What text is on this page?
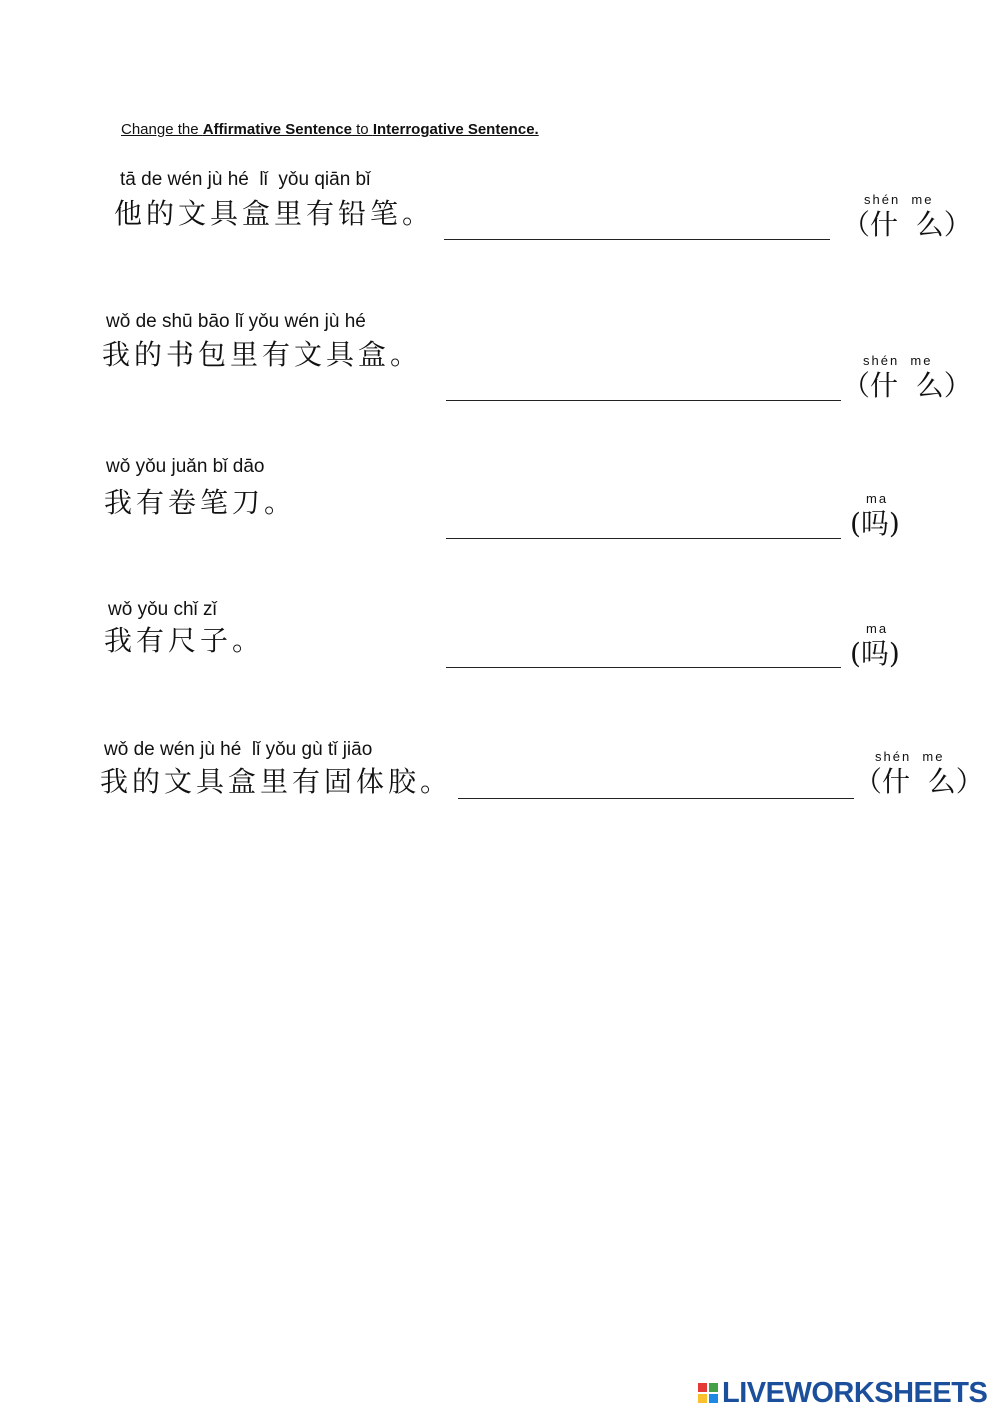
Change the Affirmative Sentence to Interrogative Sentence.
tā de wén jù hé  lǐ  yǒu qiān bǐ
他的文具盒里有铅笔。	shén  me
（什  么）
wǒ de shū bāo lǐ yǒu wén jù hé
我的书包里有文具盒。	shén  me
（什  么）
wǒ yǒu juǎn bǐ dāo
我有卷笔刀。	ma
(吗)
wǒ yǒu chǐ zǐ
我有尺子。	ma
(吗)
wǒ de wén jù hé  lǐ yǒu gù tǐ jiāo
我的文具盒里有固体胶。
shén  me
（什  么）
LIVEWORKSHEETS
